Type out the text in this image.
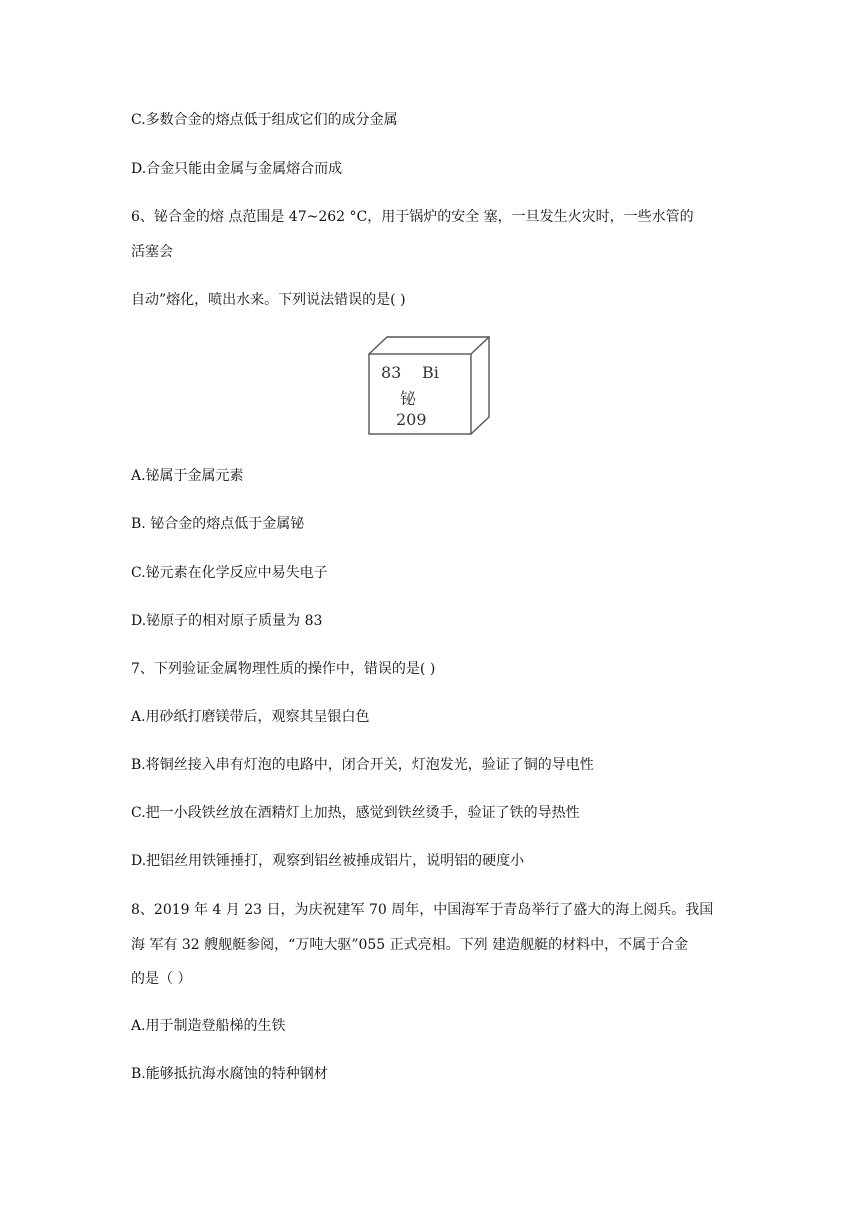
C.多数合金的熔点低于组成它们的成分金属
D.合金只能由金属与金属熔合而成
6、铋合金的熔 点范围是 47~262 °C，用于锅炉的安全 塞，一旦发生火灾时，一些水管的
活塞会
自动”熔化，喷出水来。下列说法错误的是( )
83 Bi
铋
209
A.铋属于金属元素
B. 铋合金的熔点低于金属铋
C.铋元素在化学反应中易失电子
D.铋原子的相对原子质量为 83
7、下列验证金属物理性质的操作中，错误的是( )
A.用砂纸打磨镁带后，观察其呈银白色
B.将铜丝接入串有灯泡的电路中，闭合开关，灯泡发光，验证了铜的导电性
C.把一小段铁丝放在酒精灯上加热，感觉到铁丝烫手，验证了铁的导热性
D.把铝丝用铁锤捶打，观察到铝丝被捶成铝片，说明铝的硬度小
8、2019 年 4 月 23 日，为庆祝建军 70 周年，中国海军于青岛举行了盛大的海上阅兵。我国
海 军有 32 艘舰艇参阅，“万吨大驱”055 正式亮相。下列 建造舰艇的材料中，不属于合金
的是（ ）
A.用于制造登船梯的生铁
B.能够抵抗海水腐蚀的特种钢材
